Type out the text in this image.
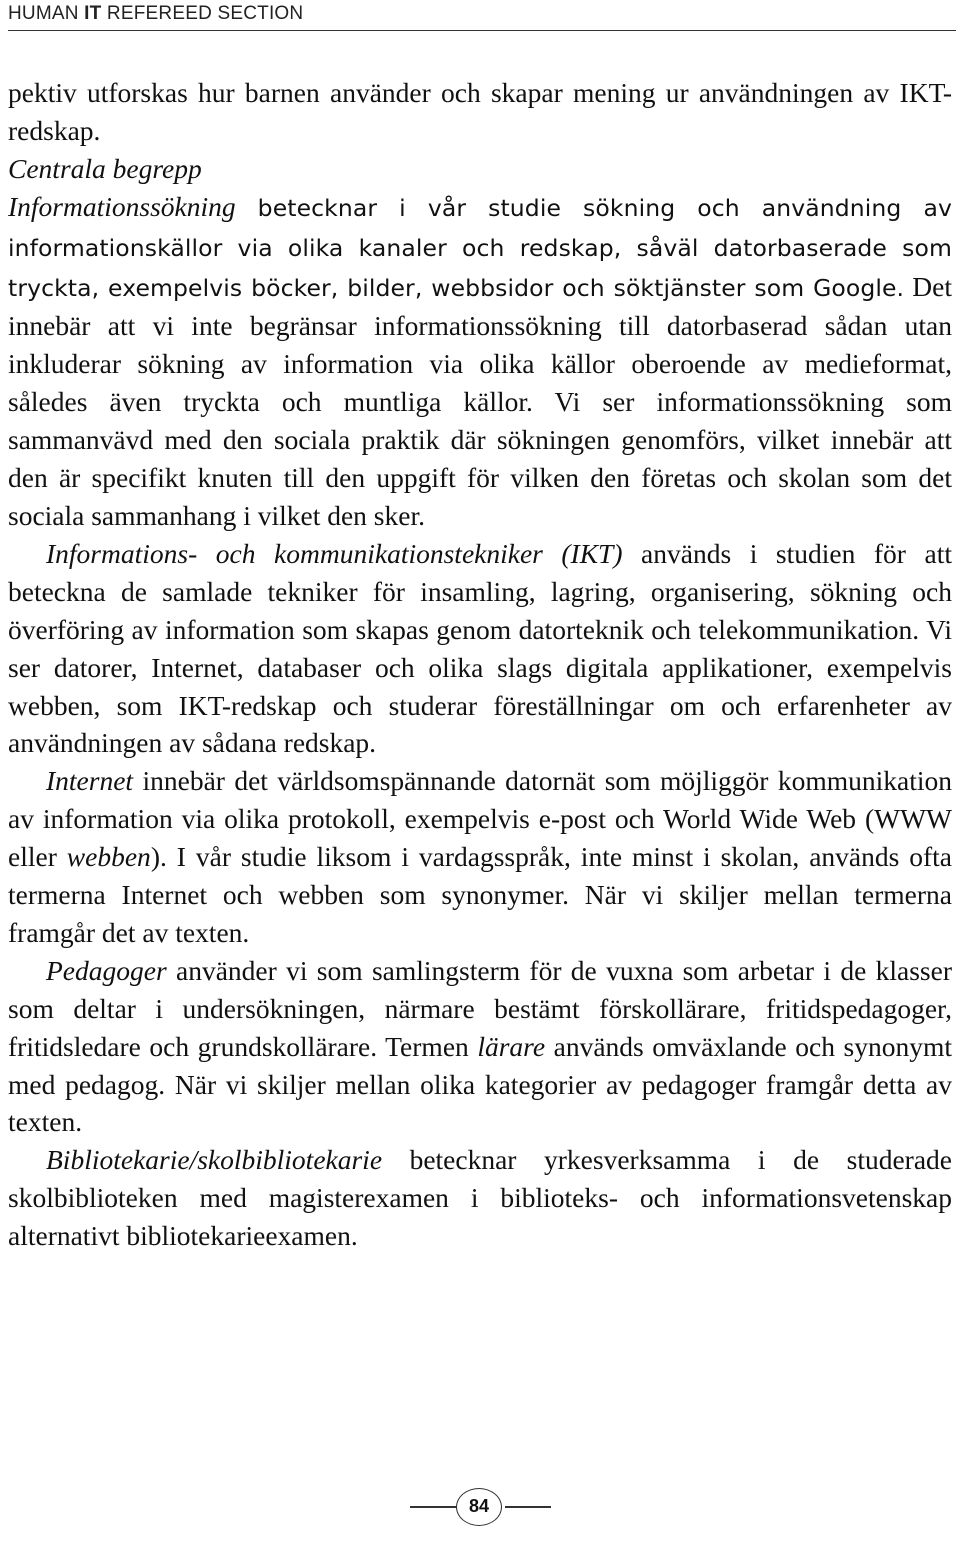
HUMAN IT REFEREED SECTION

pektiv utforskas hur barnen använder och skapar mening ur användningen av IKT-redskap.

Centrala begrepp

Informationssökning betecknar i vår studie sökning och användning av informationskällor via olika kanaler och redskap, såväl datorbaserade som tryckta, exempelvis böcker, bilder, webbsidor och söktjänster som Google. Det innebär att vi inte begränsar informationssökning till datorbaserad sådan utan inkluderar sökning av information via olika källor oberoende av medieformat, således även tryckta och muntliga källor. Vi ser informationssökning som sammanvävd med den sociala praktik där sökningen genomförs, vilket innebär att den är specifikt knuten till den uppgift för vilken den företas och skolan som det sociala sammanhang i vilket den sker.

Informations- och kommunikationstekniker (IKT) används i studien för att beteckna de samlade tekniker för insamling, lagring, organisering, sökning och överföring av information som skapas genom datorteknik och telekommunikation. Vi ser datorer, Internet, databaser och olika slags digitala applikationer, exempelvis webben, som IKT-redskap och studerar föreställningar om och erfarenheter av användningen av sådana redskap.

Internet innebär det världsomspännande datornät som möjliggör kommunikation av information via olika protokoll, exempelvis e-post och World Wide Web (WWW eller webben). I vår studie liksom i vardagsspråk, inte minst i skolan, används ofta termerna Internet och webben som synonymer. När vi skiljer mellan termerna framgår det av texten.

Pedagoger använder vi som samlingsterm för de vuxna som arbetar i de klasser som deltar i undersökningen, närmare bestämt förskollärare, fritidspedagoger, fritidsledare och grundskollärare. Termen lärare används omväxlande och synonymt med pedagog. När vi skiljer mellan olika kategorier av pedagoger framgår detta av texten.

Bibliotekarie/skolbibliotekarie betecknar yrkesverksamma i de studerade skolbiblioteken med magisterexamen i biblioteks- och informationsvetenskap alternativt bibliotekarieexamen.

84
